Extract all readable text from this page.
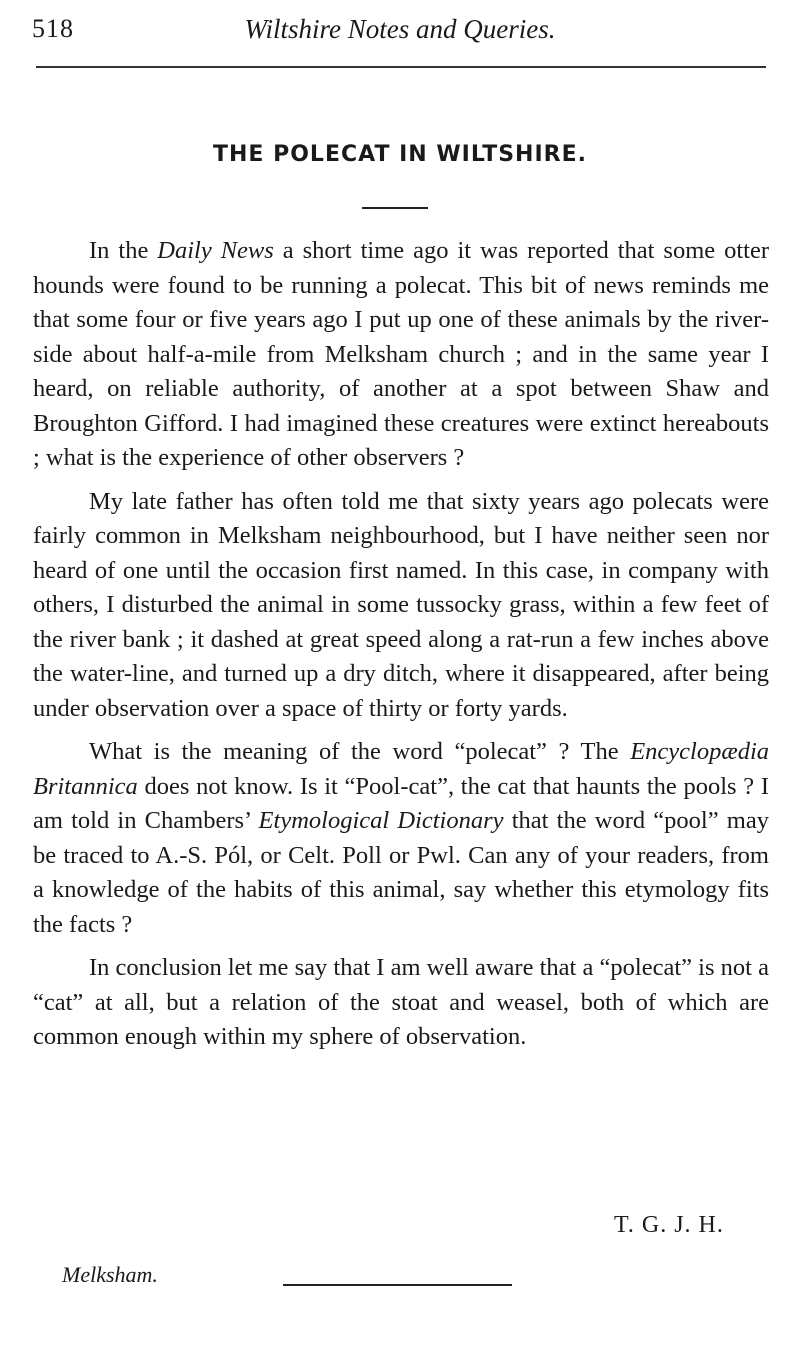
518	Wiltshire Notes and Queries.
THE POLECAT IN WILTSHIRE.

In the Daily News a short time ago it was reported that some otter hounds were found to be running a polecat. This bit of news reminds me that some four or five years ago I put up one of these animals by the river-side about half-a-mile from Melksham church ; and in the same year I heard, on reliable authority, of another at a spot between Shaw and Broughton Gifford. I had imagined these creatures were extinct hereabouts ; what is the experience of other observers ?

My late father has often told me that sixty years ago polecats were fairly common in Melksham neighbourhood, but I have neither seen nor heard of one until the occasion first named. In this case, in company with others, I disturbed the animal in some tussocky grass, within a few feet of the river bank ; it dashed at great speed along a rat-run a few inches above the water-line, and turned up a dry ditch, where it disappeared, after being under observation over a space of thirty or forty yards.

What is the meaning of the word “polecat” ? The Encyclopædia Britannica does not know. Is it “Pool-cat”, the cat that haunts the pools ? I am told in Chambers’ Etymological Dictionary that the word “pool” may be traced to A.-S. Pól, or Celt. Poll or Pwl. Can any of your readers, from a knowledge of the habits of this animal, say whether this etymology fits the facts ?

In conclusion let me say that I am well aware that a “polecat” is not a “cat” at all, but a relation of the stoat and weasel, both of which are common enough within my sphere of observation.

T. G. J. H.
Melksham.
